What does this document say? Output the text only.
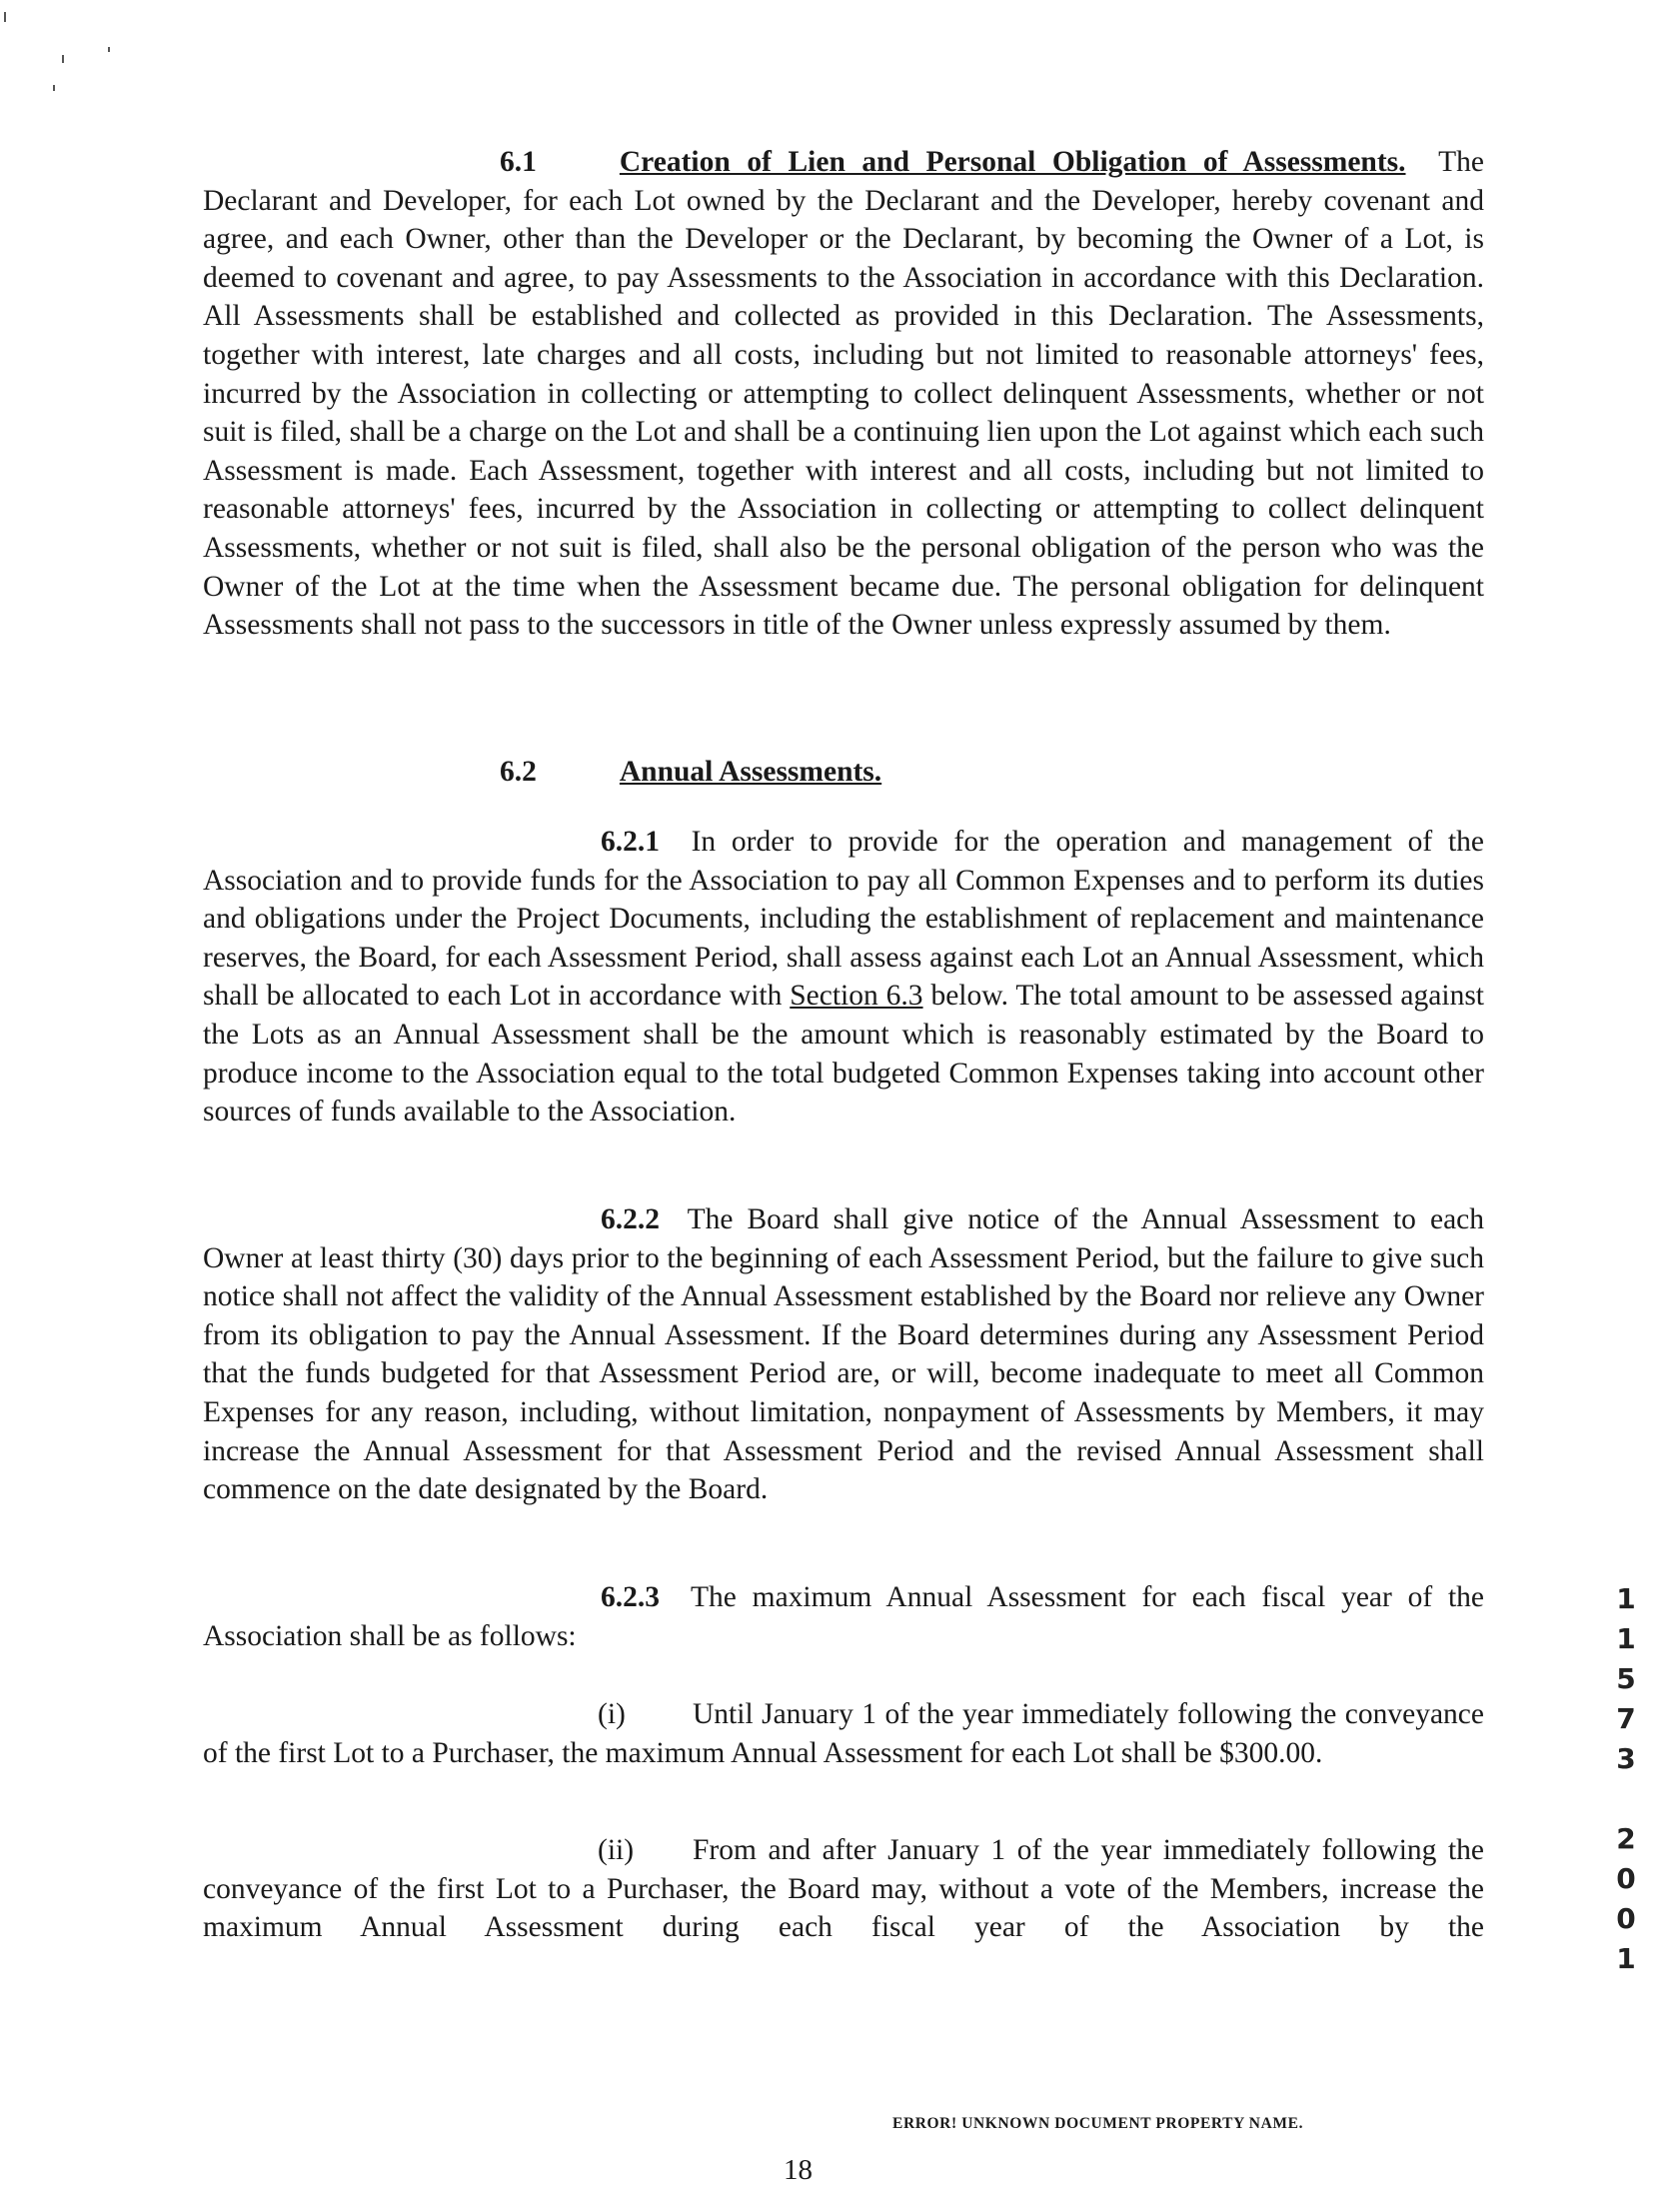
6.1	Creation of Lien and Personal Obligation of Assessments. The Declarant and Developer, for each Lot owned by the Declarant and the Developer, hereby covenant and agree, and each Owner, other than the Developer or the Declarant, by becoming the Owner of a Lot, is deemed to covenant and agree, to pay Assessments to the Association in accordance with this Declaration. All Assessments shall be established and collected as provided in this Declaration. The Assessments, together with interest, late charges and all costs, including but not limited to reasonable attorneys' fees, incurred by the Association in collecting or attempting to collect delinquent Assessments, whether or not suit is filed, shall be a charge on the Lot and shall be a continuing lien upon the Lot against which each such Assessment is made. Each Assessment, together with interest and all costs, including but not limited to reasonable attorneys' fees, incurred by the Association in collecting or attempting to collect delinquent Assessments, whether or not suit is filed, shall also be the personal obligation of the person who was the Owner of the Lot at the time when the Assessment became due. The personal obligation for delinquent Assessments shall not pass to the successors in title of the Owner unless expressly assumed by them.

6.2	Annual Assessments.

6.2.1 In order to provide for the operation and management of the Association and to provide funds for the Association to pay all Common Expenses and to perform its duties and obligations under the Project Documents, including the establishment of replacement and maintenance reserves, the Board, for each Assessment Period, shall assess against each Lot an Annual Assessment, which shall be allocated to each Lot in accordance with Section 6.3 below. The total amount to be assessed against the Lots as an Annual Assessment shall be the amount which is reasonably estimated by the Board to produce income to the Association equal to the total budgeted Common Expenses taking into account other sources of funds available to the Association.

6.2.2 The Board shall give notice of the Annual Assessment to each Owner at least thirty (30) days prior to the beginning of each Assessment Period, but the failure to give such notice shall not affect the validity of the Annual Assessment established by the Board nor relieve any Owner from its obligation to pay the Annual Assessment. If the Board determines during any Assessment Period that the funds budgeted for that Assessment Period are, or will, become inadequate to meet all Common Expenses for any reason, including, without limitation, nonpayment of Assessments by Members, it may increase the Annual Assessment for that Assessment Period and the revised Annual Assessment shall commence on the date designated by the Board.

6.2.3 The maximum Annual Assessment for each fiscal year of the Association shall be as follows:

(i) Until January 1 of the year immediately following the conveyance of the first Lot to a Purchaser, the maximum Annual Assessment for each Lot shall be $300.00.

(ii) From and after January 1 of the year immediately following the conveyance of the first Lot to a Purchaser, the Board may, without a vote of the Members, increase the maximum Annual Assessment during each fiscal year of the Association by the

ERROR! UNKNOWN DOCUMENT PROPERTY NAME.
18
1
1
5
7
3
2
0
0
1
